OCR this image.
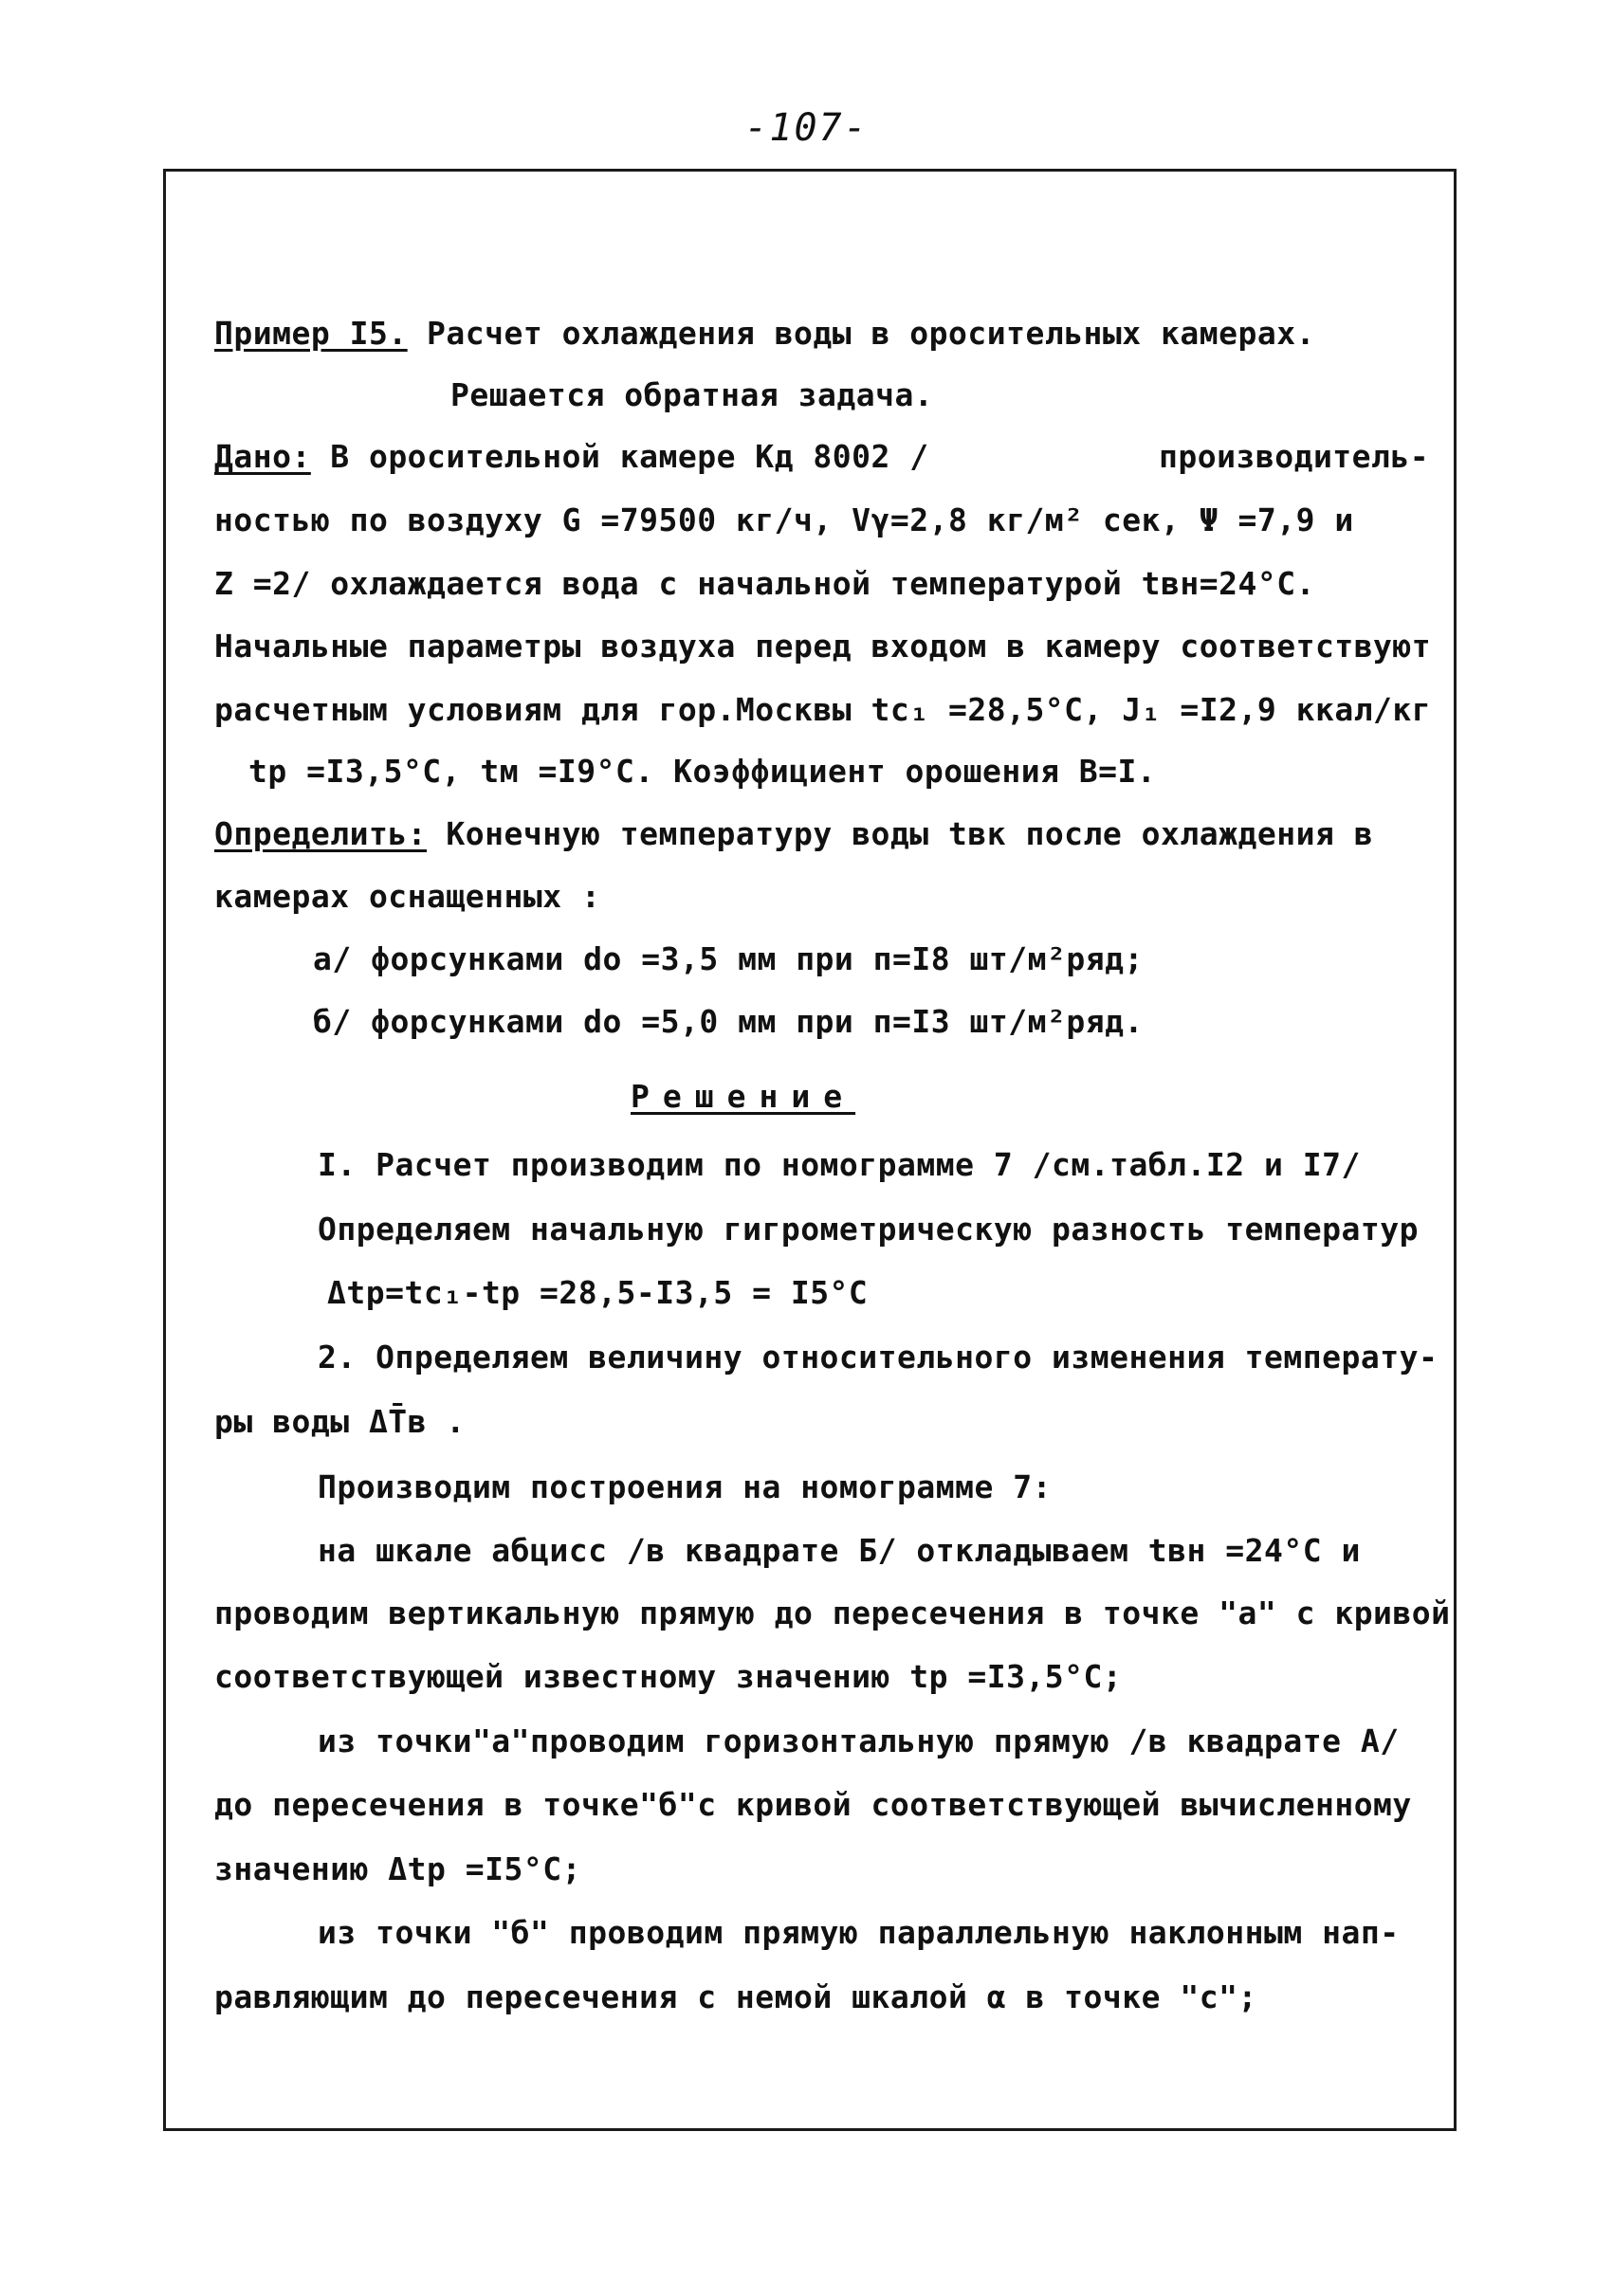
-107-
Пример I5. Расчет охлаждения воды в оросительных камерах.
Решается обратная задача.
Дано: В оросительной камере Кд 8002 /	производитель-
ностью по воздуху G =79500 кг/ч, Vγ=2,8 кг/м² сек, Ψ =7,9 и
Z =2/ охлаждается вода с начальной температурой tвн=24°С.
Начальные параметры воздуха перед входом в камеру соответствуют
расчетным условиям для гор.Москвы tс₁ =28,5°С, J₁ =I2,9 ккал/кг
tр =I3,5°С, tм =I9°С. Коэффициент орошения В=I.
Определить: Конечную температуру воды tвк после охлаждения в
камерах оснащенных :
а/ форсунками dо =3,5 мм при п=I8 шт/м²ряд;
б/ форсунками dо =5,0 мм при п=I3 шт/м²ряд.
Решение
I. Расчет производим по номограмме 7 /см.табл.I2 и I7/
Определяем начальную гигрометрическую разность температур
Δtр=tс₁-tр =28,5-I3,5 = I5°С
2. Определяем величину относительного изменения температу-
ры воды ΔT̄в .
Производим построения на номограмме 7:
на шкале абцисс /в квадрате Б/ откладываем tвн =24°С и
проводим вертикальную прямую до пересечения в точке "а" с кривой
соответствующей известному значению tр =I3,5°С;
из точки"а"проводим горизонтальную прямую /в квадрате А/
до пересечения в точке"б"с кривой соответствующей вычисленному
значению Δtр =I5°С;
из точки "б" проводим прямую параллельную наклонным нап-
равляющим до пересечения с немой шкалой α в точке "с";
